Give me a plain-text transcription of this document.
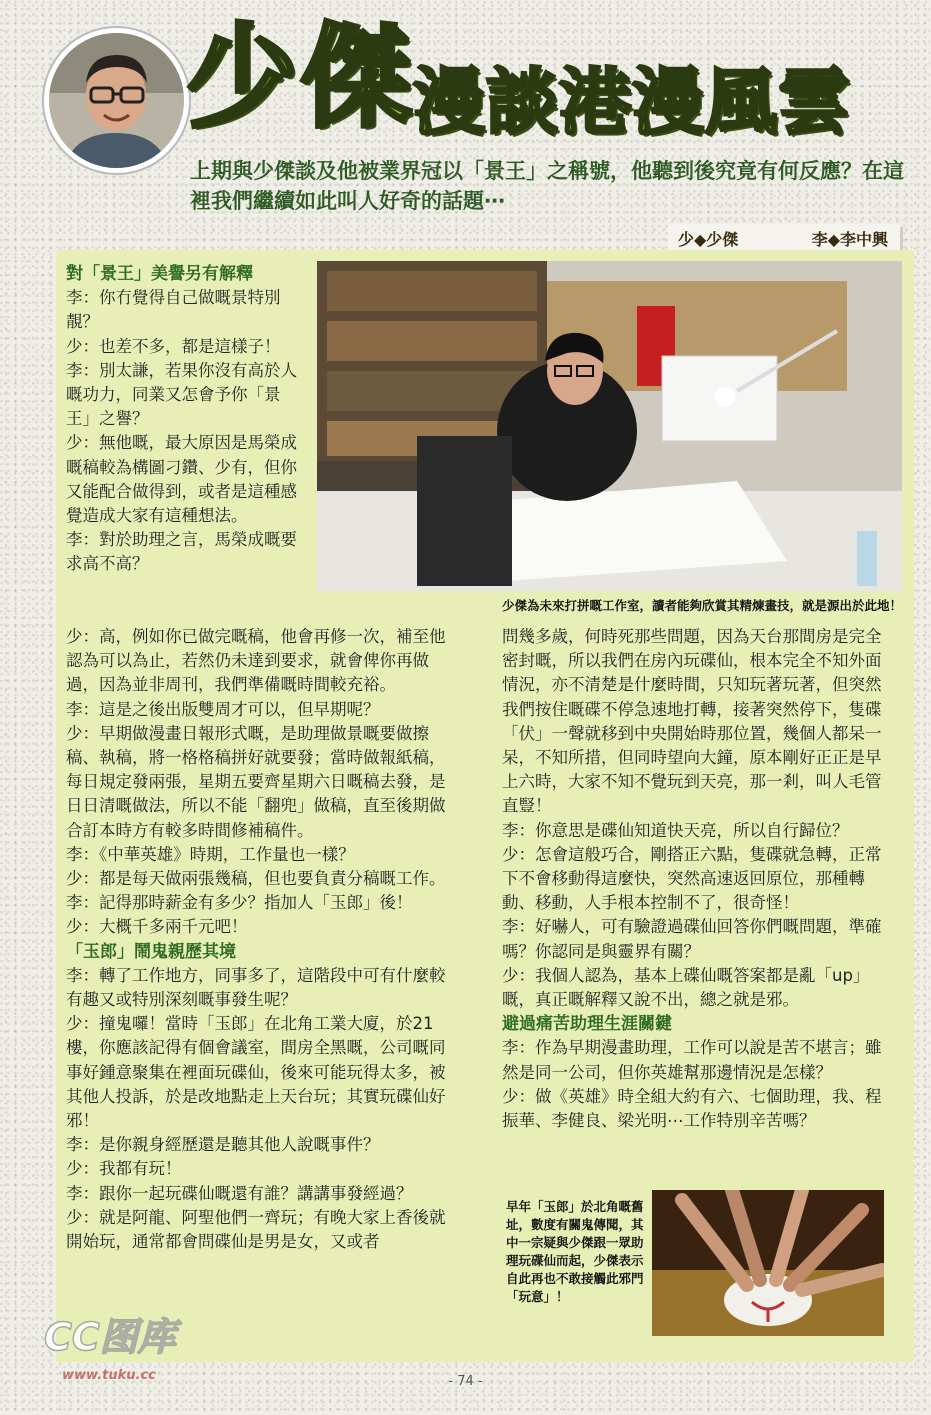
少傑 漫談港漫風雲
上期與少傑談及他被業界冠以「景王」之稱號，他聽到後究竟有何反應？在這裡我們繼續如此叫人好奇的話題⋯
少◆少傑	李◆李中興

對「景王」美譽另有解釋

李：你冇覺得自己做嘅景特別靚？

少：也差不多，都是這樣子！

李：別太謙，若果你沒有高於人嘅功力，同業又怎會予你「景王」之譽？

少：無他嘅，最大原因是馬榮成嘅稿較為構圖刁鑽、少有，但你又能配合做得到，或者是這種感覺造成大家有這種想法。

李：對於助理之言，馬榮成嘅要求高不高？

少：高，例如你已做完嘅稿，他會再修一次，補至他認為可以為止，若然仍未達到要求，就會俾你再做過，因為並非周刊，我們準備嘅時間較充裕。

李：這是之後出版雙周才可以，但早期呢？

少：早期做漫畫日報形式嘅，是助理做景嘅要做擦稿、執稿，將一格格稿拼好就要發；當時做報紙稿，每日規定發兩張，星期五要齊星期六日嘅稿去發，是日日清嘅做法，所以不能「翻兜」做稿，直至後期做合訂本時方有較多時間修補稿件。

李：《中華英雄》時期，工作量也一樣？

少：都是每天做兩張幾稿，但也要負責分稿嘅工作。

李：記得那時薪金有多少？指加人「玉郎」後！

少：大概千多兩千元吧！

「玉郎」鬧鬼親歷其境

李：轉了工作地方，同事多了，這階段中可有什麼較有趣又或特別深刻嘅事發生呢？

少：撞鬼囉！當時「玉郎」在北角工業大廈，於21樓，你應該記得有個會議室，間房全黑嘅，公司嘅同事好鍾意聚集在裡面玩碟仙，後來可能玩得太多，被其他人投訴，於是改地點走上天台玩；其實玩碟仙好邪！

李：是你親身經歷還是聽其他人說嘅事件？

少：我都有玩！

李：跟你一起玩碟仙嘅還有誰？講講事發經過？

少：就是阿龍、阿聖他們一齊玩；有晚大家上香後就開始玩，通常都會問碟仙是男是女，又或者

問幾多歲，何時死那些問題，因為天台那間房是完全密封嘅，所以我們在房內玩碟仙，根本完全不知外面情況，亦不清楚是什麼時間，只知玩著玩著，但突然我們按住嘅碟不停急速地打轉，接著突然停下，隻碟「伏」一聲就移到中央開始時那位置，幾個人都呆一呆，不知所措，但同時望向大鐘，原本剛好正正是早上六時，大家不知不覺玩到天亮，那一剎，叫人毛管直豎！

李：你意思是碟仙知道快天亮，所以自行歸位？

少：怎會這般巧合，剛搭正六點，隻碟就急轉，正常下不會移動得這麼快，突然高速返回原位，那種轉動、移動，人手根本控制不了，很奇怪！

李：好嚇人，可有驗證過碟仙回答你們嘅問題，準確嗎？你認同是與靈界有關？

少：我個人認為，基本上碟仙嘅答案都是亂「up」嘅，真正嘅解釋又說不出，總之就是邪。

避過痛苦助理生涯關鍵

李：作為早期漫畫助理，工作可以說是苦不堪言；雖然是同一公司，但你英雄幫那邊情況是怎樣？

少：做《英雄》時全組大約有六、七個助理，我、程振華、李健良、梁光明⋯工作特別辛苦嗎？

少傑為未來打拼嘅工作室，讀者能夠欣賞其精煉畫技，就是源出於此地！
早年「玉郎」於北角嘅舊址，數度有關鬼傳聞，其中一宗疑與少傑跟一眾助理玩碟仙而起，少傑表示自此再也不敢接觸此邪門「玩意」！
- 74 -
CC图库
www.tuku.cc
